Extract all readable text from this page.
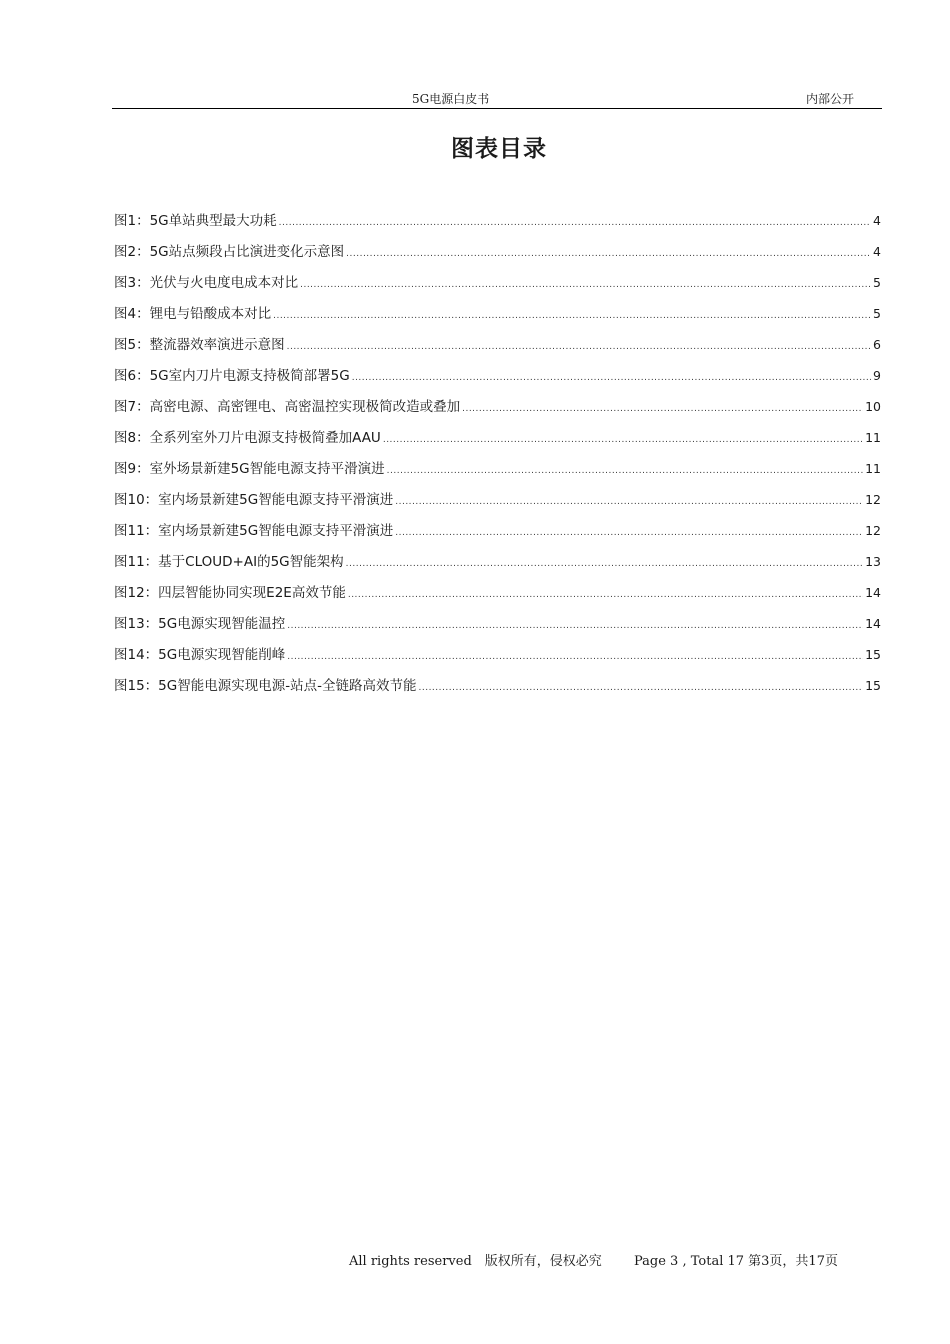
5G电源白皮书	内部公开
图表目录
图1：5G单站典型最大功耗 .....	4
图2：5G站点频段占比演进变化示意图 .....	4
图3：光伏与火电度电成本对比 .....	5
图4：锂电与铅酸成本对比 .....	5
图5：整流器效率演进示意图 .....	6
图6：5G室内刀片电源支持极简部署5G .....	9
图7：高密电源、高密锂电、高密温控实现极简改造或叠加 .....	10
图8：全系列室外刀片电源支持极简叠加AAU .....	11
图9：室外场景新建5G智能电源支持平滑演进 .....	11
图10：室内场景新建5G智能电源支持平滑演进 .....	12
图11：室内场景新建5G智能电源支持平滑演进 .....	12
图11：基于CLOUD+AI的5G智能架构 .....	13
图12：四层智能协同实现E2E高效节能 .....	14
图13：5G电源实现智能温控 .....	14
图14：5G电源实现智能削峰 .....	15
图15：5G智能电源实现电源-站点-全链路高效节能 .....	15
All rights reserved　版权所有，侵权必究 Page 3 , Total 17 第3页，共17页
